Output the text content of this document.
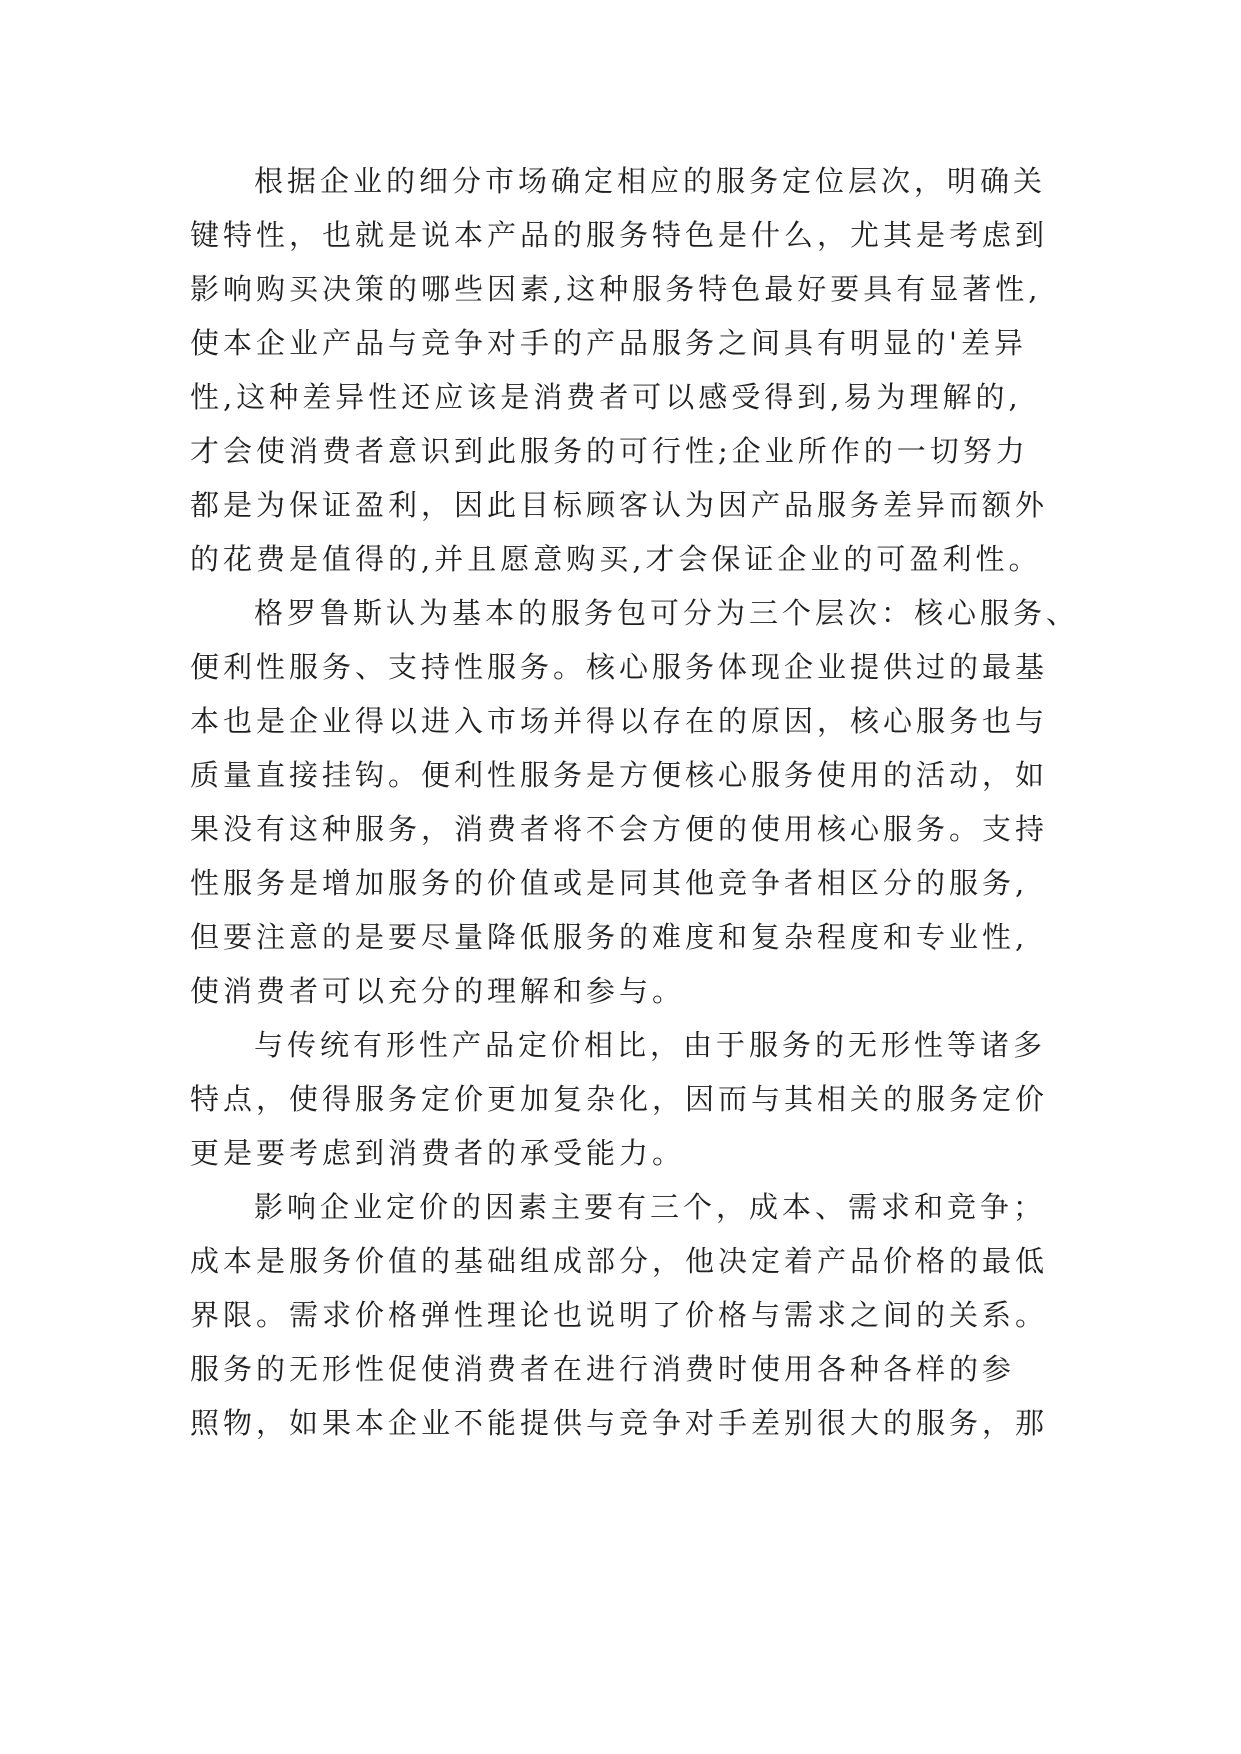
根据企业的细分市场确定相应的服务定位层次，明确关
键特性，也就是说本产品的服务特色是什么，尤其是考虑到
影响购买决策的哪些因素,这种服务特色最好要具有显著性,
使本企业产品与竞争对手的产品服务之间具有明显的'差异
性,这种差异性还应该是消费者可以感受得到,易为理解的,
才会使消费者意识到此服务的可行性;企业所作的一切努力
都是为保证盈利，因此目标顾客认为因产品服务差异而额外
的花费是值得的,并且愿意购买,才会保证企业的可盈利性。
格罗鲁斯认为基本的服务包可分为三个层次：核心服务、
便利性服务、支持性服务。核心服务体现企业提供过的最基
本也是企业得以进入市场并得以存在的原因，核心服务也与
质量直接挂钩。便利性服务是方便核心服务使用的活动，如
果没有这种服务，消费者将不会方便的使用核心服务。支持
性服务是增加服务的价值或是同其他竞争者相区分的服务,
但要注意的是要尽量降低服务的难度和复杂程度和专业性,
使消费者可以充分的理解和参与。
与传统有形性产品定价相比，由于服务的无形性等诸多
特点，使得服务定价更加复杂化，因而与其相关的服务定价
更是要考虑到消费者的承受能力。
影响企业定价的因素主要有三个，成本、需求和竞争；
成本是服务价值的基础组成部分，他决定着产品价格的最低
界限。需求价格弹性理论也说明了价格与需求之间的关系。
服务的无形性促使消费者在进行消费时使用各种各样的参
照物，如果本企业不能提供与竞争对手差别很大的服务，那
